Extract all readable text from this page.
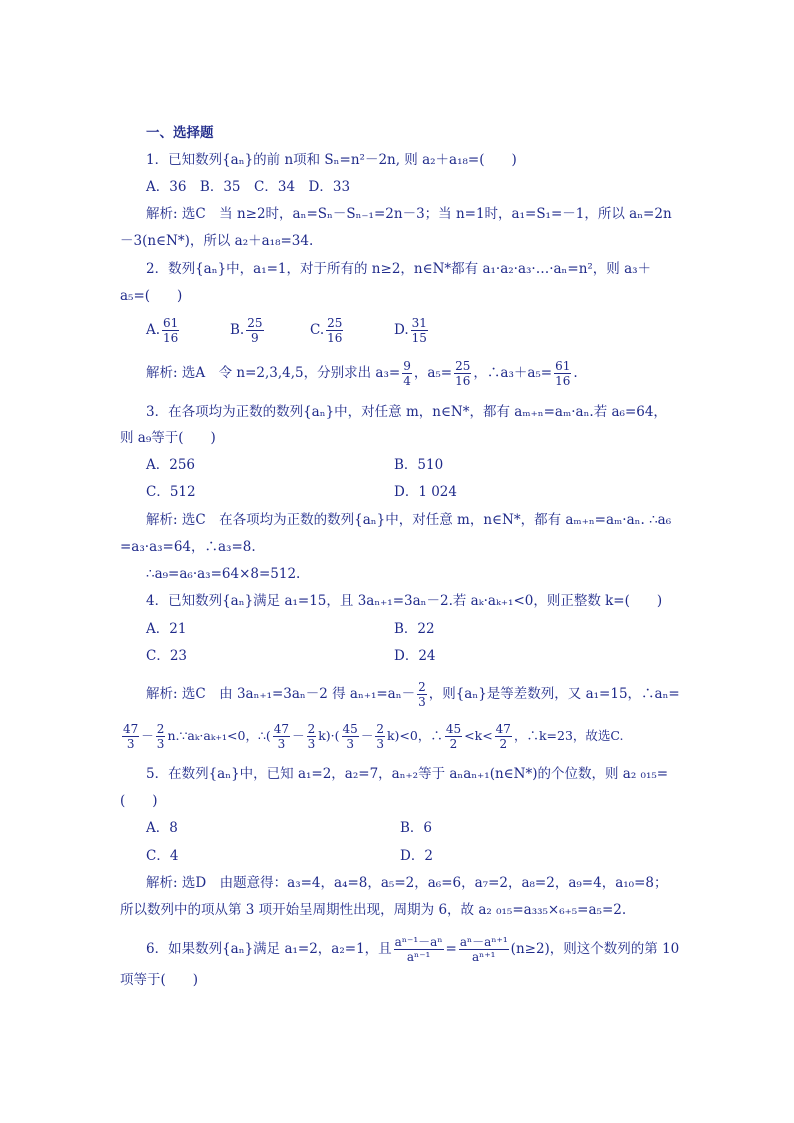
一、选择题
1．已知数列{aₙ}的前 n项和 Sₙ=n²－2n, 则 a₂＋a₁₈=(　　)
A．36　B．35　C．34　D．33
解析: 选C　当 n≥2时，aₙ=Sₙ－Sₙ₋₁=2n－3；当 n=1时，a₁=S₁=－1，所以 aₙ=2n
－3(n∈N*)，所以 a₂＋a₁₈=34.
2．数列{aₙ}中，a₁=1，对于所有的 n≥2，n∈N*都有 a₁·a₂·a₃·…·aₙ=n²，则 a₃＋
a₅=(　　)
A. $\frac{61}{16}$	B. $\frac{25}{9}$	C. $\frac{25}{16}$	D. $\frac{31}{15}$
解析: 选A　令 n=2,3,4,5，分别求出 $a_3= \frac{9}{4}$ ，$a_5= \frac{25}{16}$ ，∴a₃＋a₅= $\frac{61}{16}$ .
3．在各项均为正数的数列{aₙ}中，对任意 m，n∈N*，都有 aₘ₊ₙ=aₘ·aₙ.若 a₆=64，
则 a₉等于(　　)
A．256	B．510
C．512	D．1 024
解析: 选C　在各项均为正数的数列{aₙ}中，对任意 m，n∈N*，都有 aₘ₊ₙ=aₘ·aₙ. ∴a₆
=a₃·a₃=64，∴a₃=8.
∴a₉=a₆·a₃=64×8=512.
4．已知数列{aₙ}满足 a₁=15，且 3aₙ₊₁=3aₙ－2.若 aₖ·aₖ₊₁<0，则正整数 k=(　　)
A．21	B．22
C．23	D．24
解析: 选C　由 3aₙ₊₁=3aₙ－2 得 $a_{n+1}=a_n- \frac{2}{3}$ ，则{aₙ}是等差数列，又 a₁=15，∴aₙ=
$\frac{47}{3} - \frac{2}{3}$ n.∵aₖ·aₖ₊₁<0，∴( $\frac{47}{3} - \frac{2}{3} k)\cdot( \frac{45}{3} - \frac{2}{3} k)<0$，∴ $\frac{45}{2} <k< \frac{47}{2}$ ，∴k=23，故选C.
5．在数列{aₙ}中，已知 a₁=2，a₂=7，aₙ₊₂等于 aₙaₙ₊₁(n∈N*)的个位数，则 a₂ ₀₁₅=
(　　)
A．8	B．6
C．4	D．2
解析: 选D　由题意得：a₃=4，a₄=8，a₅=2，a₆=6，a₇=2，a₈=2，a₉=4，a₁₀=8；
所以数列中的项从第 3 项开始呈周期性出现，周期为 6，故 a₂ ₀₁₅=a₃₃₅×₆₊₅=a₅=2.
6．如果数列{aₙ}满足 a₁=2，a₂=1，且 $\frac{\text{aⁿ⁻¹－aⁿ}}{\text{aⁿ⁻¹}} = \frac{\text{aⁿ－aⁿ⁺¹}}{\text{aⁿ⁺¹}} (n\ge 2)$，则这个数列的第 10
项等于(　　)
